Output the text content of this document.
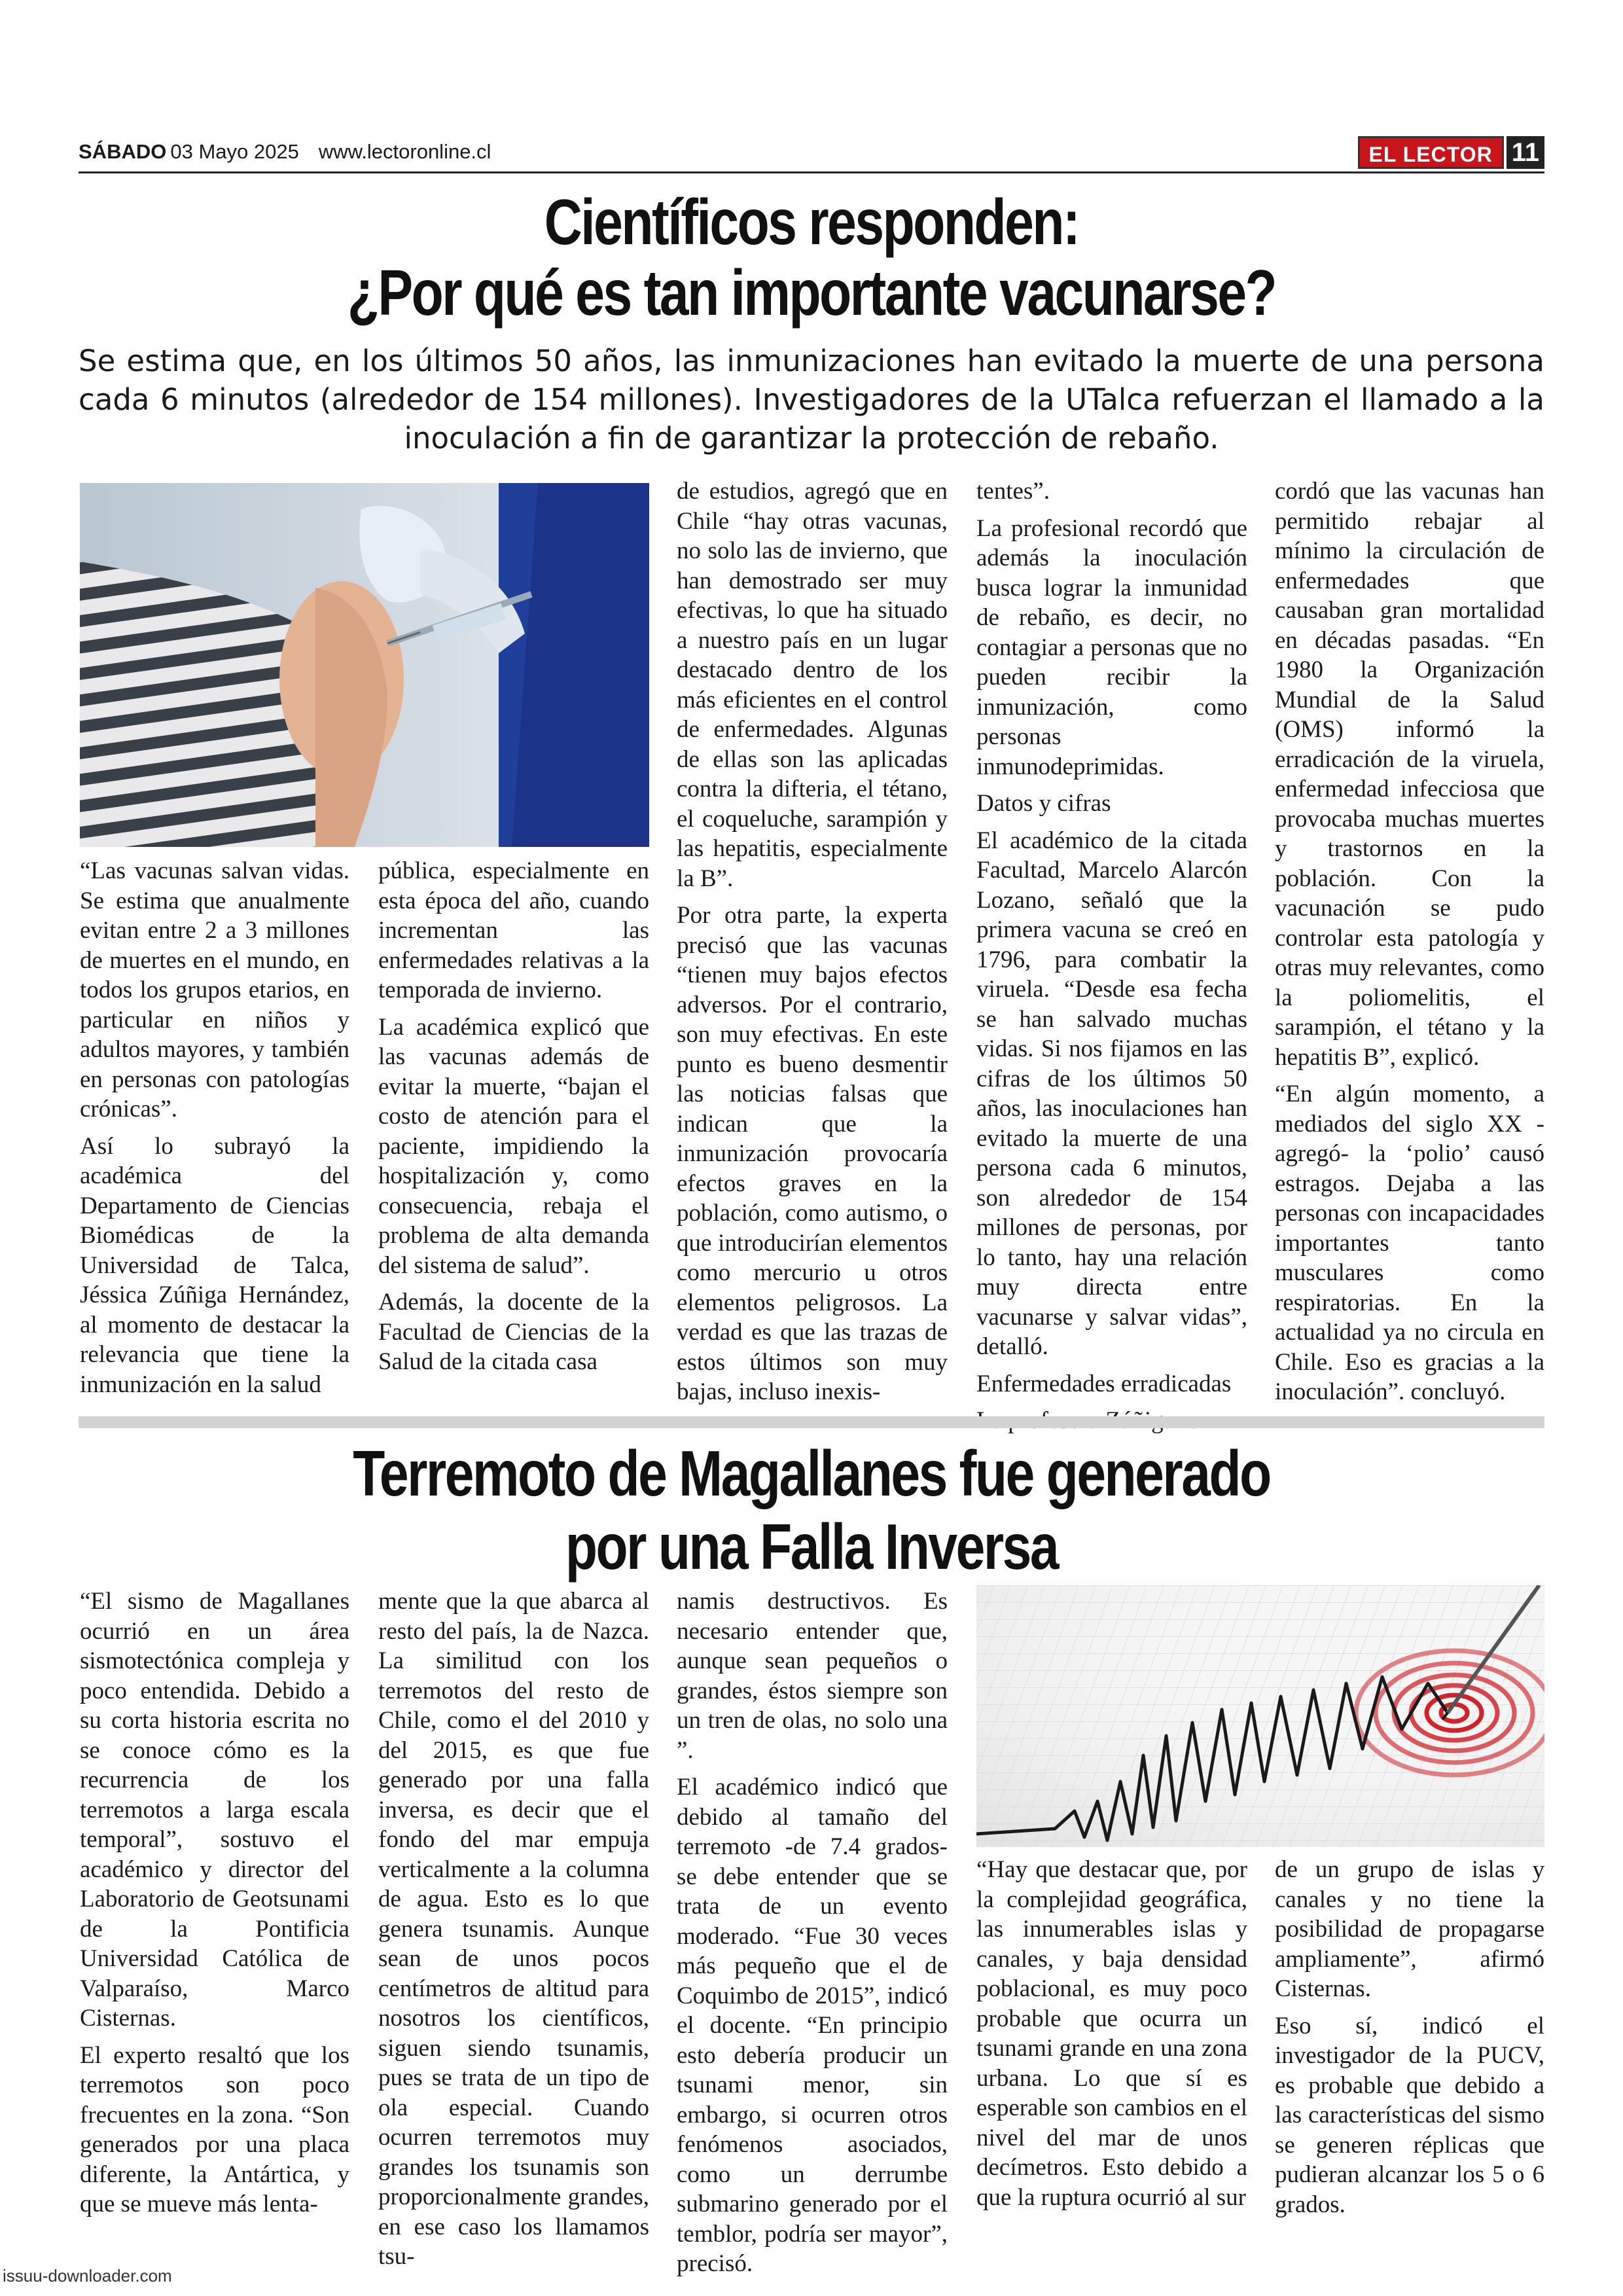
SÁBADO 03 Mayo 2025 www.lectoronline.cl	EL LECTOR 11
Científicos responden:
¿Por qué es tan importante vacunarse?
Se estima que, en los últimos 50 años, las inmunizaciones han evitado la muerte de una persona cada 6 minutos (alrededor de 154 millones). Investigadores de la UTalca refuerzan el llamado a la inoculación a fin de garantizar la protección de rebaño.

“Las vacunas salvan vidas. Se estima que anualmente evitan entre 2 a 3 millones de muertes en el mundo, en todos los grupos etarios, en particular en niños y adultos mayores, y también en personas con patologías crónicas”.

Así lo subrayó la académica del Departamento de Ciencias Biomédicas de la Universidad de Talca, Jéssica Zúñiga Hernández, al momento de destacar la relevancia que tiene la inmunización en la salud

pública, especialmente en esta época del año, cuando incrementan las enfermedades relativas a la temporada de invierno.

La académica explicó que las vacunas además de evitar la muerte, “bajan el costo de atención para el paciente, impidiendo la hospitalización y, como consecuencia, rebaja el problema de alta demanda del sistema de salud”.

Además, la docente de la Facultad de Ciencias de la Salud de la citada casa

de estudios, agregó que en Chile “hay otras vacunas, no solo las de invierno, que han demostrado ser muy efectivas, lo que ha situado a nuestro país en un lugar destacado dentro de los más eficientes en el control de enfermedades. Algunas de ellas son las aplicadas contra la difteria, el tétano, el coqueluche, sarampión y las hepatitis, especialmente la B”.

Por otra parte, la experta precisó que las vacunas “tienen muy bajos efectos adversos. Por el contrario, son muy efectivas. En este punto es bueno desmentir las noticias falsas que indican que la inmunización provocaría efectos graves en la población, como autismo, o que introducirían elementos como mercurio u otros elementos peligrosos. La verdad es que las trazas de estos últimos son muy bajas, incluso inexis-

tentes”.

La profesional recordó que además la inoculación busca lograr la inmunidad de rebaño, es decir, no contagiar a personas que no pueden recibir la inmunización, como personas inmunodeprimidas.

Datos y cifras

El académico de la citada Facultad, Marcelo Alarcón Lozano, señaló que la primera vacuna se creó en 1796, para combatir la viruela. “Desde esa fecha se han salvado muchas vidas. Si nos fijamos en las cifras de los últimos 50 años, las inoculaciones han evitado la muerte de una persona cada 6 minutos, son alrededor de 154 millones de personas, por lo tanto, hay una relación muy directa entre vacunarse y salvar vidas”, detalló.

Enfermedades erradicadas

cordó que las vacunas han permitido rebajar al mínimo la circulación de enfermedades que causaban gran mortalidad en décadas pasadas. “En 1980 la Organización Mundial de la Salud (OMS) informó la erradicación de la viruela, enfermedad infecciosa que provocaba muchas muertes y trastornos en la población. Con la vacunación se pudo controlar esta patología y otras muy relevantes, como la poliomelitis, el sarampión, el tétano y la hepatitis B”, explicó.

“En algún momento, a mediados del siglo XX -agregó- la ‘polio’ causó estragos. Dejaba a las personas con incapacidades importantes tanto musculares como respiratorias. En la actualidad ya no circula en Chile. Eso es gracias a la inoculación”. concluyó.

Terremoto de Magallanes fue generado
por una Falla Inversa

“El sismo de Magallanes ocurrió en un área sismotectónica compleja y poco entendida. Debido a su corta historia escrita no se conoce cómo es la recurrencia de los terremotos a larga escala temporal”, sostuvo el académico y director del Laboratorio de Geotsunami de la Pontificia Universidad Católica de Valparaíso, Marco Cisternas.

El experto resaltó que los terremotos son poco frecuentes en la zona. “Son generados por una placa diferente, la Antártica, y que se mueve más lenta-

mente que la que abarca al resto del país, la de Nazca. La similitud con los terremotos del resto de Chile, como el del 2010 y del 2015, es que fue generado por una falla inversa, es decir que el fondo del mar empuja verticalmente a la columna de agua. Esto es lo que genera tsunamis. Aunque sean de unos pocos centímetros de altitud para nosotros los científicos, siguen siendo tsunamis, pues se trata de un tipo de ola especial. Cuando ocurren terremotos muy grandes los tsunamis son proporcionalmente grandes, en ese caso los llamamos tsu-

namis destructivos. Es necesario entender que, aunque sean pequeños o grandes, éstos siempre son un tren de olas, no solo una ”.

El académico indicó que debido al tamaño del terremoto -de 7.4 grados- se debe entender que se trata de un evento moderado. “Fue 30 veces más pequeño que el de Coquimbo de 2015”, indicó el docente. “En principio esto debería producir un tsunami menor, sin embargo, si ocurren otros fenómenos asociados, como un derrumbe submarino generado por el temblor, podría ser mayor”, precisó.

“Hay que destacar que, por la complejidad geográfica, las innumerables islas y canales, y baja densidad poblacional, es muy poco probable que ocurra un tsunami grande en una zona urbana. Lo que sí es esperable son cambios en el nivel del mar de unos decímetros. Esto debido a que la ruptura ocurrió al sur

de un grupo de islas y canales y no tiene la posibilidad de propagarse ampliamente”, afirmó Cisternas.

Eso sí, indicó el investigador de la PUCV, es probable que debido a las características del sismo se generen réplicas que pudieran alcanzar los 5 o 6 grados.

issuu-downloader.com
